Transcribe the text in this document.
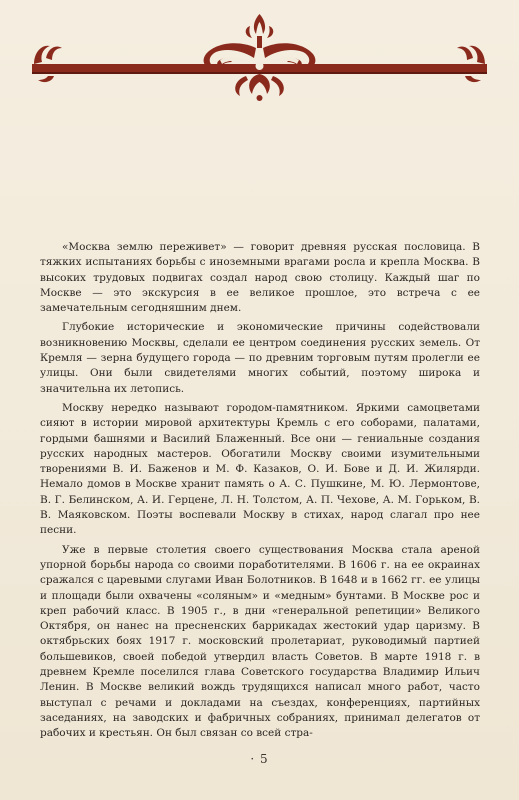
«Москва землю переживет» — говорит древняя русская пословица. В тяжких испытаниях борьбы с иноземными врагами росла и крепла Москва. В высоких трудовых подвигах создал народ свою столицу. Каждый шаг по Москве — это экскурсия в ее великое прошлое, это встреча с ее замечательным сегодняшним днем.

Глубокие исторические и экономические причины содействовали возникновению Москвы, сделали ее центром соединения русских земель. От Кремля — зерна будущего города — по древним торговым путям пролегли ее улицы. Они были свидетелями многих событий, поэтому широка и значительна их летопись.

Москву нередко называют городом-памятником. Яркими самоцветами сияют в истории мировой архитектуры Кремль с его соборами, палатами, гордыми башнями и Василий Блаженный. Все они — гениальные создания русских народных мастеров. Обогатили Москву своими изумительными творениями В. И. Баженов и М. Ф. Казаков, О. И. Бове и Д. И. Жилярди. Немало домов в Москве хранит память о А. С. Пушкине, М. Ю. Лермонтове, В. Г. Белинском, А. И. Герцене, Л. Н. Толстом, А. П. Чехове, А. М. Горьком, В. В. Маяковском. Поэты воспевали Москву в стихах, народ слагал про нее песни.

Уже в первые столетия своего существования Москва стала ареной упорной борьбы народа со своими поработителями. В 1606 г. на ее окраинах сражался с царевыми слугами Иван Болотников. В 1648 и в 1662 гг. ее улицы и площади были охвачены «соляным» и «медным» бунтами. В Москве рос и креп рабочий класс. В 1905 г., в дни «генеральной репетиции» Великого Октября, он нанес на пресненских баррикадах жестокий удар царизму. В октябрьских боях 1917 г. московский пролетариат, руководимый партией большевиков, своей победой утвердил власть Советов. В марте 1918 г. в древнем Кремле поселился глава Советского государства Владимир Ильич Ленин. В Москве великий вождь трудящихся написал много работ, часто выступал с речами и докладами на съездах, конференциях, партийных заседаниях, на заводских и фабричных собраниях, принимал делегатов от рабочих и крестьян. Он был связан со всей стра-

· 5
